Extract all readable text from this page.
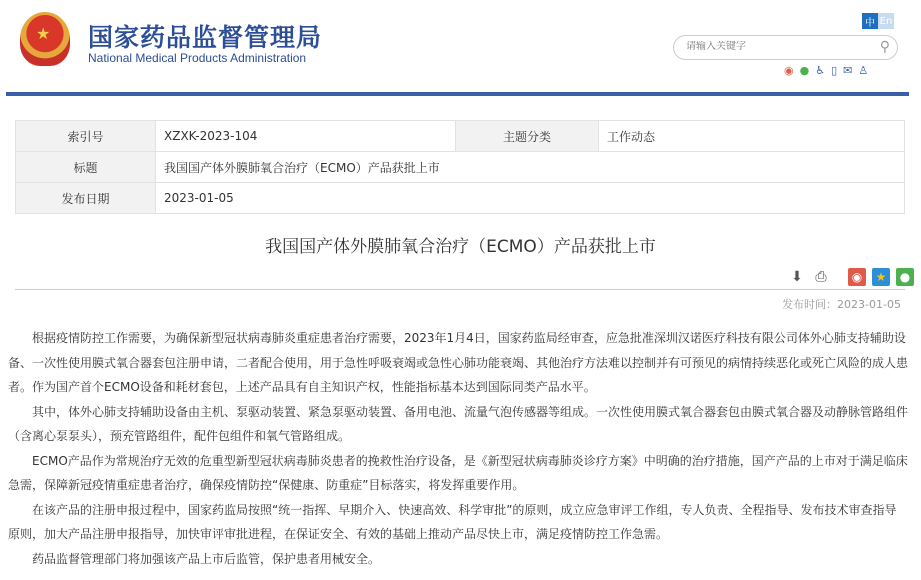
★ 国家药品监督管理局
National Medical Products Administration
中 En
请输入关键字
⚲
◉ ● ♿ ▯ ✉ ♙
索引号	XZXK-2023-104	主题分类	工作动态
标题	我国国产体外膜肺氧合治疗（ECMO）产品获批上市		
发布日期	2023-01-05		
我国国产体外膜肺氧合治疗（ECMO）产品获批上市
⬇ ⎙	◉	★	●
发布时间：2023-01-05

根据疫情防控工作需要，为确保新型冠状病毒肺炎重症患者治疗需要，2023年1月4日，国家药监局经审查，应急批准深圳汉诺医疗科技有限公司体外心肺支持辅助设备、一次性使用膜式氧合器套包注册申请，二者配合使用，用于急性呼吸衰竭或急性心肺功能衰竭、其他治疗方法难以控制并有可预见的病情持续恶化或死亡风险的成人患者。作为国产首个ECMO设备和耗材套包，上述产品具有自主知识产权，性能指标基本达到国际同类产品水平。

其中，体外心肺支持辅助设备由主机、泵驱动装置、紧急泵驱动装置、备用电池、流量气泡传感器等组成。一次性使用膜式氧合器套包由膜式氧合器及动静脉管路组件（含离心泵泵头），预充管路组件，配件包组件和氧气管路组成。

ECMO产品作为常规治疗无效的危重型新型冠状病毒肺炎患者的挽救性治疗设备，是《新型冠状病毒肺炎诊疗方案》中明确的治疗措施，国产产品的上市对于满足临床急需，保障新冠疫情重症患者治疗，确保疫情防控“保健康、防重症”目标落实，将发挥重要作用。

在该产品的注册申报过程中，国家药监局按照“统一指挥、早期介入、快速高效、科学审批”的原则，成立应急审评工作组，专人负责、全程指导、发布技术审查指导原则，加大产品注册申报指导，加快审评审批进程，在保证安全、有效的基础上推动产品尽快上市，满足疫情防控工作急需。

药品监督管理部门将加强该产品上市后监管，保护患者用械安全。
